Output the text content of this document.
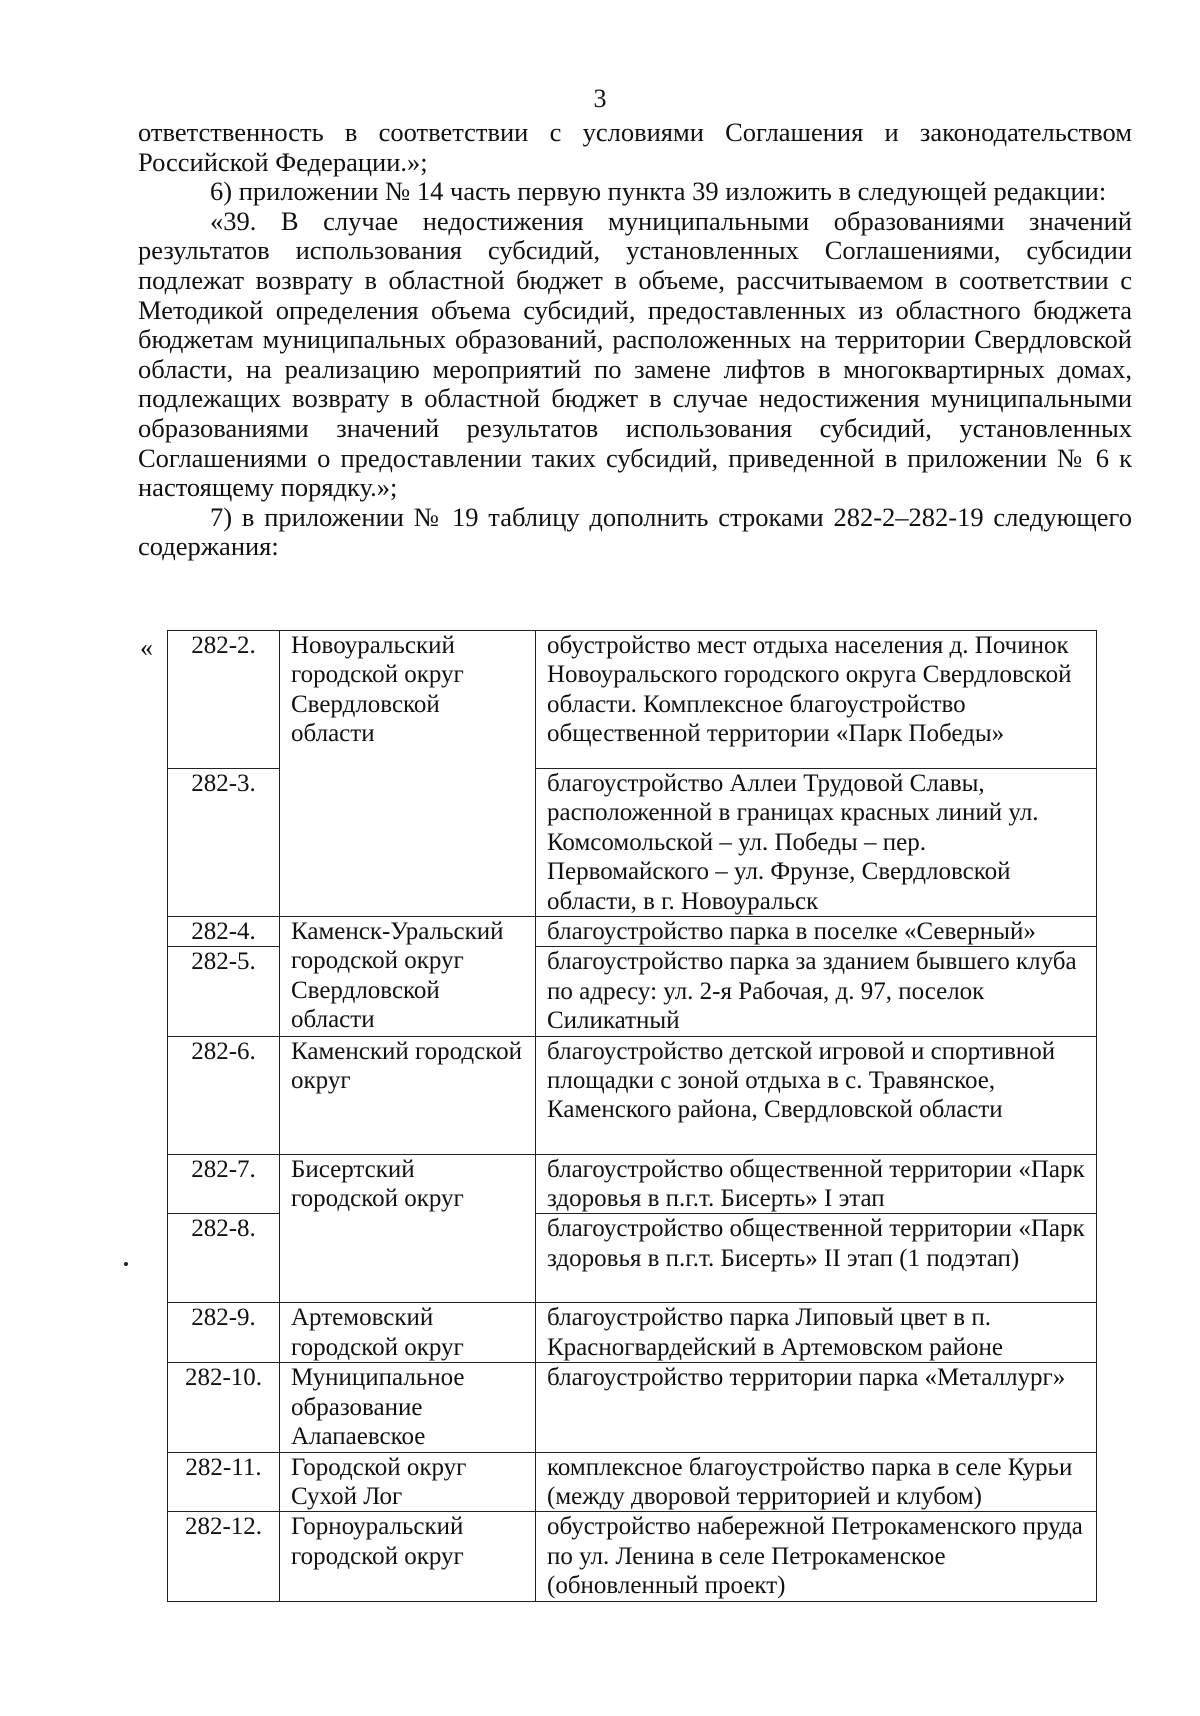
3

ответственность в соответствии с условиями Соглашения и законодательством Российской Федерации.»;

6) приложении № 14 часть первую пункта 39 изложить в следующей редакции:

«39. В случае недостижения муниципальными образованиями значений результатов использования субсидий, установленных Соглашениями, субсидии подлежат возврату в областной бюджет в объеме, рассчитываемом в соответствии с Методикой определения объема субсидий, предоставленных из областного бюджета бюджетам муниципальных образований, расположенных на территории Свердловской области, на реализацию мероприятий по замене лифтов в многоквартирных домах, подлежащих возврату в областной бюджет в случае недостижения муниципальными образованиями значений результатов использования субсидий, установленных Соглашениями о предоставлении таких субсидий, приведенной в приложении № 6 к настоящему порядку.»;

7) в приложении № 19 таблицу дополнить строками 282-2–282-19 следующего содержания:

« 282-2.	Новоуральский городской округ Свердловской области	обустройство мест отдыха населения д. Починок Новоуральского городского округа Свердловской области. Комплексное благоустройство общественной территории «Парк Победы»
282-3.		благоустройство Аллеи Трудовой Славы, расположенной в границах красных линий ул. Комсомольской – ул. Победы – пер. Первомайского – ул. Фрунзе, Свердловской области, в г. Новоуральск
282-4.	Каменск-Уральский городской округ Свердловской области	благоустройство парка в поселке «Северный»
282-5.		благоустройство парка за зданием бывшего клуба по адресу: ул. 2-я Рабочая, д. 97, поселок Силикатный
282-6.	Каменский городской округ	благоустройство детской игровой и спортивной площадки с зоной отдыха в с. Травянское, Каменского района, Свердловской области
282-7.	Бисертский городской округ	благоустройство общественной территории «Парк здоровья в п.г.т. Бисерть» I этап
282-8.		благоустройство общественной территории «Парк здоровья в п.г.т. Бисерть» II этап (1 подэтап)
282-9.	Артемовский городской округ	благоустройство парка Липовый цвет в п. Красногвардейский в Артемовском районе
282-10.	Муниципальное образование Алапаевское	благоустройство территории парка «Металлург»
282-11.	Городской округ Сухой Лог	комплексное благоустройство парка в селе Курьи (между дворовой территорией и клубом)
282-12.	Горноуральский городской округ	обустройство набережной Петрокаменского пруда по ул. Ленина в селе Петрокаменское (обновленный проект)
